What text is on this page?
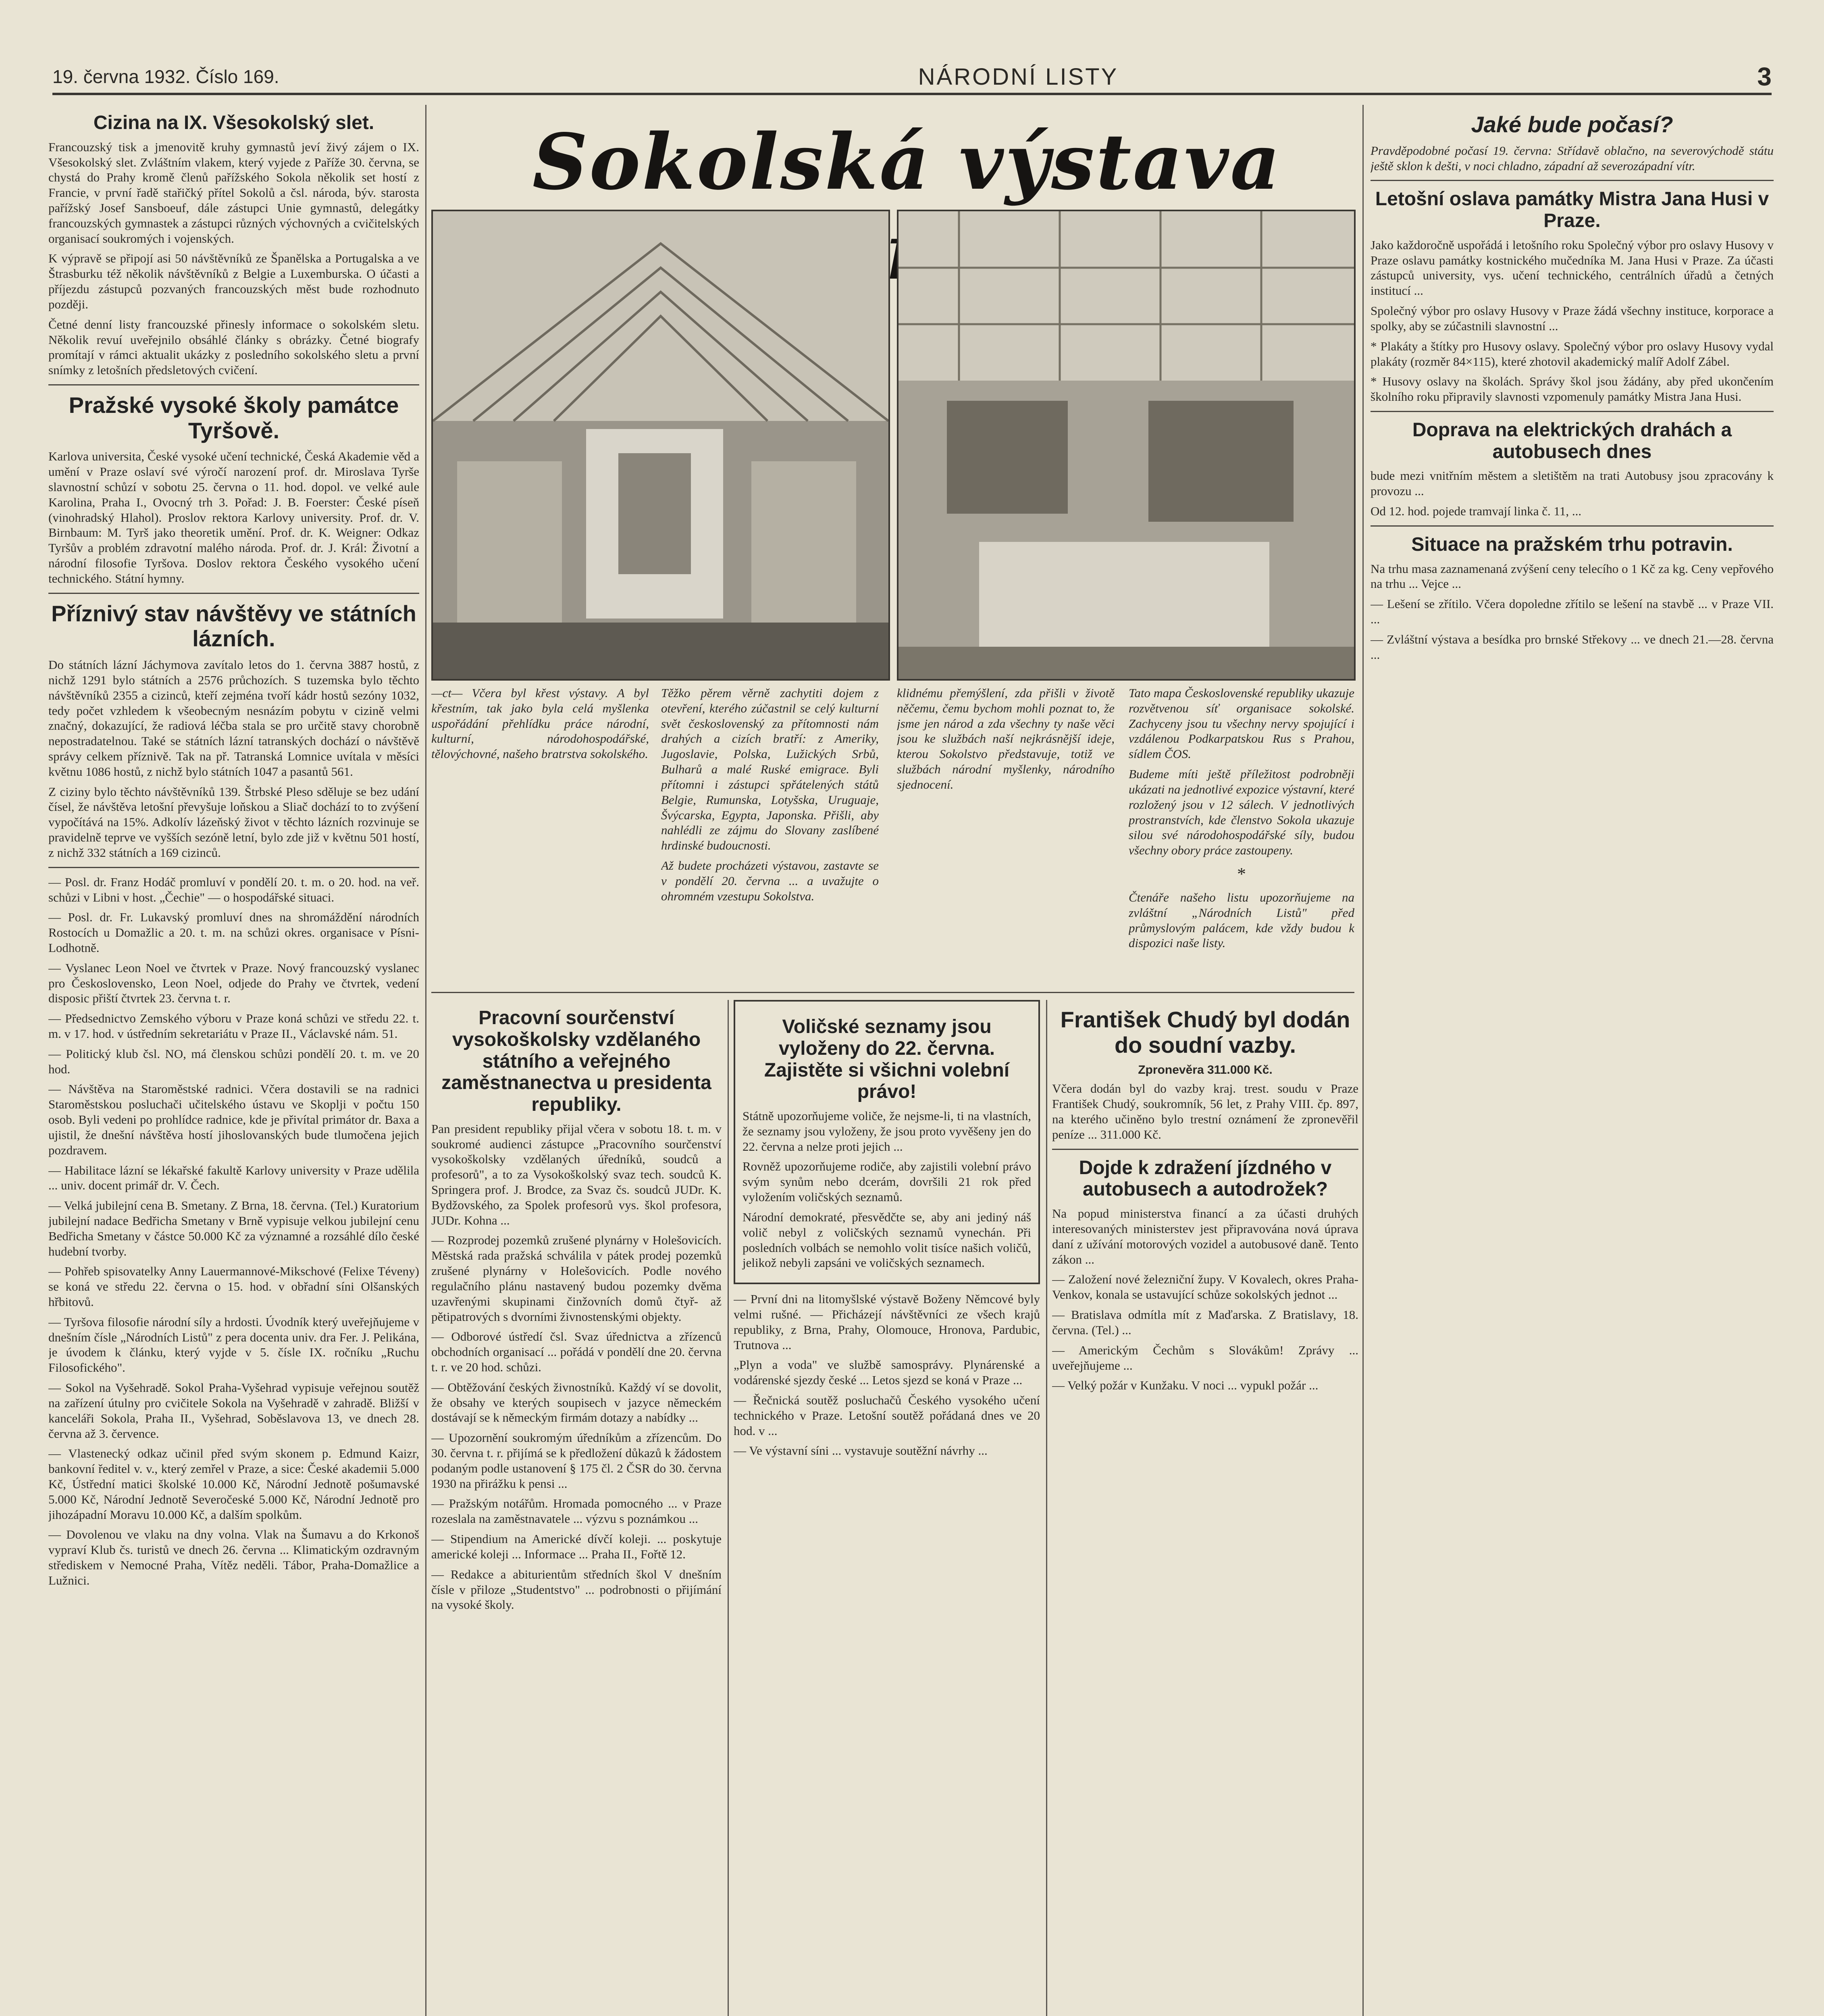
19. června 1932. Číslo 169.	NÁRODNÍ LISTY	3
Cizina na IX. Všesokolský slet.

Francouzský tisk a jmenovitě kruhy gymnastů jeví živý zájem o IX. Všesokolský slet. Zvláštním vlakem, který vyjede z Paříže 30. června, se chystá do Prahy kromě členů pařížského Sokola několik set hostí z Francie, v první řadě stařičký přítel Sokolů a čsl. národa, býv. starosta pařížský Josef Sansboeuf, dále zástupci Unie gymnastů, delegátky francouzských gymnastek a zástupci různých výchovných a cvičitelských organisací soukromých i vojenských.

K výpravě se připojí asi 50 návštěvníků ze Španělska a Portugalska a ve Štrasburku též několik návštěvníků z Belgie a Luxemburska. O účasti a příjezdu zástupců pozvaných francouzských měst bude rozhodnuto později.

Četné denní listy francouzské přinesly informace o sokolském sletu. Několik revuí uveřejnilo obsáhlé články s obrázky. Četné biografy promítají v rámci aktualit ukázky z posledního sokolského sletu a první snímky z letošních předsletových cvičení.

Pražské vysoké školy památce Tyršově.

Karlova universita, České vysoké učení technické, Česká Akademie věd a umění v Praze oslaví své výročí narození prof. dr. Miroslava Tyrše slavnostní schůzí v sobotu 25. června o 11. hod. dopol. ve velké aule Karolina, Praha I., Ovocný trh 3. Pořad: J. B. Foerster: České píseň (vinohradský Hlahol). Proslov rektora Karlovy university. Prof. dr. V. Birnbaum: M. Tyrš jako theoretik umění. Prof. dr. K. Weigner: Odkaz Tyršův a problém zdravotní malého národa. Prof. dr. J. Král: Životní a národní filosofie Tyršova. Doslov rektora Českého vysokého učení technického. Státní hymny.

Příznivý stav návštěvy ve státních lázních.

Do státních lázní Jáchymova zavítalo letos do 1. června 3887 hostů, z nichž 1291 bylo státních a 2576 průchozích. S tuzemska bylo těchto návštěvníků 2355 a cizinců, kteří zejména tvoří kádr hostů sezóny 1032, tedy počet vzhledem k všeobecným nesnázím pobytu v cizině velmi značný, dokazující, že radiová léčba stala se pro určitě stavy chorobně nepostradatelnou. Také se státních lázní tatranských dochází o návštěvě správy celkem příznivě. Tak na př. Tatranská Lomnice uvítala v měsíci květnu 1086 hostů, z nichž bylo státních 1047 a pasantů 561.

Z ciziny bylo těchto návštěvníků 139. Štrbské Pleso sděluje se bez udání čísel, že návštěva letošní převyšuje loňskou a Sliač dochází to to zvýšení vypočítává na 15%. Adkolív lázeňský život v těchto lázních rozvinuje se pravidelně teprve ve vyšších sezóně letní, bylo zde již v květnu 501 hostí, z nichž 332 státních a 169 cizinců.

— Posl. dr. Franz Hodáč promluví v pondělí 20. t. m. o 20. hod. na veř. schůzi v Libni v host. „Čechie" — o hospodářské situaci.

— Posl. dr. Fr. Lukavský promluví dnes na shromáždění národních Rostocích u Domažlic a 20. t. m. na schůzi okres. organisace v Písni-Lodhotně.

— Vyslanec Leon Noel ve čtvrtek v Praze. Nový francouzský vyslanec pro Československo, Leon Noel, odjede do Prahy ve čtvrtek, vedení disposic přiští čtvrtek 23. června t. r.

— Předsednictvo Zemského výboru v Praze koná schůzi ve středu 22. t. m. v 17. hod. v ústředním sekretariátu v Praze II., Václavské nám. 51.

— Politický klub čsl. NO, má členskou schůzi pondělí 20. t. m. ve 20 hod.

— Návštěva na Staroměstské radnici. Včera dostavili se na radnici Staroměstskou posluchači učitelského ústavu ve Skoplji v počtu 150 osob. Byli vedeni po prohlídce radnice, kde je přivítal primátor dr. Baxa a ujistil, že dnešní návštěva hostí jihoslovanských bude tlumočena jejich pozdravem.

— Habilitace lázní se lékařské fakultě Karlovy university v Praze udělila ... univ. docent primář dr. V. Čech.

— Velká jubilejní cena B. Smetany. Z Brna, 18. června. (Tel.) Kuratorium jubilejní nadace Bedřicha Smetany v Brně vypisuje velkou jubilejní cenu Bedřicha Smetany v částce 50.000 Kč za významné a rozsáhlé dílo české hudební tvorby.

— Pohřeb spisovatelky Anny Lauermannové-Mikschové (Felixe Téveny) se koná ve středu 22. června o 15. hod. v obřadní síni Olšanských hřbitovů.

— Tyršova filosofie národní síly a hrdosti. Úvodník který uveřejňujeme v dnešním čísle „Národních Listů" z pera docenta univ. dra Fer. J. Pelikána, je úvodem k článku, který vyjde v 5. čísle IX. ročníku „Ruchu Filosofického".

— Sokol na Vyšehradě. Sokol Praha-Vyšehrad vypisuje veřejnou soutěž na zařízení útulny pro cvičitele Sokola na Vyšehradě v zahradě. Bližší v kanceláři Sokola, Praha II., Vyšehrad, Soběslavova 13, ve dnech 28. června až 3. července.

— Vlastenecký odkaz učinil před svým skonem p. Edmund Kaizr, bankovní ředitel v. v., který zemřel v Praze, a sice: České akademii 5.000 Kč, Ústřední matici školské 10.000 Kč, Národní Jednotě pošumavské 5.000 Kč, Národní Jednotě Severočeské 5.000 Kč, Národní Jednotě pro jihozápadní Moravu 10.000 Kč, a dalším spolkům.

— Dovolenou ve vlaku na dny volna. Vlak na Šumavu a do Krkonoš vypraví Klub čs. turistů ve dnech 26. června ... Klimatickým ozdravným střediskem v Nemocné Praha, Vítěz neděli. Tábor, Praha-Domažlice a Lužnici.

Sokolská výstava

—ct— Včera byl křest výstavy. A byl křestním, tak jako byla celá myšlenka uspořádání přehlídku práce národní, kulturní, národohospodářské, tělovýchovné, našeho bratrstva sokolského.

Těžko pěrem věrně zachytiti dojem z otevření, kterého zúčastnil se celý kulturní svět československý za přítomnosti nám drahých a cizích bratří: z Ameriky, Jugoslavie, Polska, Lužických Srbů, Bulharů a malé Ruské emigrace. Byli přítomni i zástupci spřátelených států Belgie, Rumunska, Lotyšska, Uruguaje, Švýcarska, Egypta, Japonska. Přišli, aby nahlédli ze zájmu do Slovany zaslíbené hrdinské budoucnosti.

Až budete procházeti výstavou, zastavte se v pondělí 20. června ... a uvažujte o ohromném vzestupu Sokolstva.

klidnému přemýšlení, zda přišli v životě něčemu, čemu bychom mohli poznat to, že jsme jen národ a zda všechny ty naše věci jsou ke službách naší nejkrásnější ideje, kterou Sokolstvo představuje, totiž ve službách národní myšlenky, národního sjednocení.

Tato mapa Československé republiky ukazuje rozvětvenou síť organisace sokolské. Zachyceny jsou tu všechny nervy spojující i vzdálenou Podkarpatskou Rus s Prahou, sídlem ČOS.

Budeme míti ještě příležitost podrobněji ukázati na jednotlivé expozice výstavní, které rozložený jsou v 12 sálech. V jednotlivých prostranstvích, kde členstvo Sokola ukazuje silou své národohospodářské síly, budou všechny obory práce zastoupeny.

*

Čtenáře našeho listu upozorňujeme na zvláštní „Národních Listů" před průmyslovým palácem, kde vždy budou k dispozici naše listy.

Pracovní sourčenství vysokoškolsky vzdělaného státního a veřejného zaměstnanectva u presidenta republiky.

Pan president republiky přijal včera v sobotu 18. t. m. v soukromé audienci zástupce „Pracovního sourčenství vysokoškolsky vzdělaných úředníků, soudců a profesorů", a to za Vysokoškolský svaz tech. soudců K. Springera prof. J. Brodce, za Svaz čs. soudců JUDr. K. Bydžovského, za Spolek profesorů vys. škol profesora, JUDr. Kohna ...

— Rozprodej pozemků zrušené plynárny v Holešovicích. Městská rada pražská schválila v pátek prodej pozemků zrušené plynárny v Holešovicích. Podle nového regulačního plánu nastavený budou pozemky dvěma uzavřenými skupinami činžovních domů čtyř- až pětipatrových s dvorními živnostenskými objekty.

— Odborové ústředí čsl. Svaz úřednictva a zřízenců obchodních organisací ... pořádá v pondělí dne 20. června t. r. ve 20 hod. schůzi.

— Obtěžování českých živnostníků. Každý ví se dovolit, že obsahy ve kterých soupisech v jazyce německém dostávají se k německým firmám dotazy a nabídky ...

— Upozornění soukromým úředníkům a zřízencům. Do 30. června t. r. přijímá se k předložení důkazů k žádostem podaným podle ustanovení § 175 čl. 2 ČSR do 30. června 1930 na přirážku k pensi ...

— Pražským notářům. Hromada pomocného ... v Praze rozeslala na zaměstnavatele ... výzvu s poznámkou ...

— Stipendium na Americké dívčí koleji. ... poskytuje americké koleji ... Informace ... Praha II., Fořtě 12.

— Redakce a abiturientům středních škol V dnešním čísle v přiloze „Studentstvo" ... podrobnosti o přijímání na vysoké školy.

Voličské seznamy jsou vyloženy do 22. června. Zajistěte si všichni volební právo!

Státně upozorňujeme voliče, že nejsme-li, ti na vlastních, že seznamy jsou vyloženy, že jsou proto vyvěšeny jen do 22. června a nelze proti jejich ...

Rovněž upozorňujeme rodiče, aby zajistili volební právo svým synům nebo dcerám, dovršili 21 rok před vyložením voličských seznamů.

Národní demokraté, přesvědčte se, aby ani jediný náš volič nebyl z voličských seznamů vynechán. Při posledních volbách se nemohlo volit tisíce našich voličů, jelikož nebyli zapsáni ve voličských seznamech.

— První dni na litomyšlské výstavě Boženy Němcové byly velmi rušné. — Přicházejí návštěvníci ze všech krajů republiky, z Brna, Prahy, Olomouce, Hronova, Pardubic, Trutnova ...

„Plyn a voda" ve službě samosprávy. Plynárenské a vodárenské sjezdy české ... Letos sjezd se koná v Praze ...

— Řečnická soutěž posluchačů Českého vysokého učení technického v Praze. Letošní soutěž pořádaná dnes ve 20 hod. v ...

— Ve výstavní síni ... vystavuje soutěžní návrhy ...

František Chudý byl dodán do soudní vazby.
Zpronevěra 311.000 Kč.

Včera dodán byl do vazby kraj. trest. soudu v Praze František Chudý, soukromník, 56 let, z Prahy VIII. čp. 897, na kterého učiněno bylo trestní oznámení že zpronevěřil peníze ... 311.000 Kč.

Dojde k zdražení jízdného v autobusech a autodrožek?

Na popud ministerstva financí a za účasti druhých interesovaných ministerstev jest připravována nová úprava daní z užívání motorových vozidel a autobusové daně. Tento zákon ...

— Založení nové železniční župy. V Kovalech, okres Praha-Venkov, konala se ustavující schůze sokolských jednot ...

— Bratislava odmítla mít z Maďarska. Z Bratislavy, 18. června. (Tel.) ...

— Americkým Čechům s Slovákům! Zprávy ... uveřejňujeme ...

— Velký požár v Kunžaku. V noci ... vypukl požár ...

Jaké bude počasí?

Pravděpodobné počasí 19. června: Střídavě oblačno, na severovýchodě státu ještě sklon k dešti, v noci chladno, západní až severozápadní vítr.

Letošní oslava památky Mistra Jana Husi v Praze.

Jako každoročně uspořádá i letošního roku Společný výbor pro oslavy Husovy v Praze oslavu památky kostnického mučedníka M. Jana Husi v Praze. Za účasti zástupců university, vys. učení technického, centrálních úřadů a četných institucí ...

Společný výbor pro oslavy Husovy v Praze žádá všechny instituce, korporace a spolky, aby se zúčastnili slavnostní ...

* Plakáty a štítky pro Husovy oslavy. Společný výbor pro oslavy Husovy vydal plakáty (rozměr 84×115), které zhotovil akademický malíř Adolf Zábel.

* Husovy oslavy na školách. Správy škol jsou žádány, aby před ukončením školního roku připravily slavnosti vzpomenuly památky Mistra Jana Husi.

Doprava na elektrických drahách a autobusech dnes

bude mezi vnitřním městem a sletištěm na trati Autobusy jsou zpracovány k provozu ...

Od 12. hod. pojede tramvají linka č. 11, ...

Situace na pražském trhu potravin.

Na trhu masa zaznamenaná zvýšení ceny telecího o 1 Kč za kg. Ceny vepřového na trhu ... Vejce ...

— Lešení se zřítilo. Včera dopoledne zřítilo se lešení na stavbě ... v Praze VII. ...

— Zvláštní výstava a besídka pro brnské Střekovy ... ve dnech 21.—28. června ...
